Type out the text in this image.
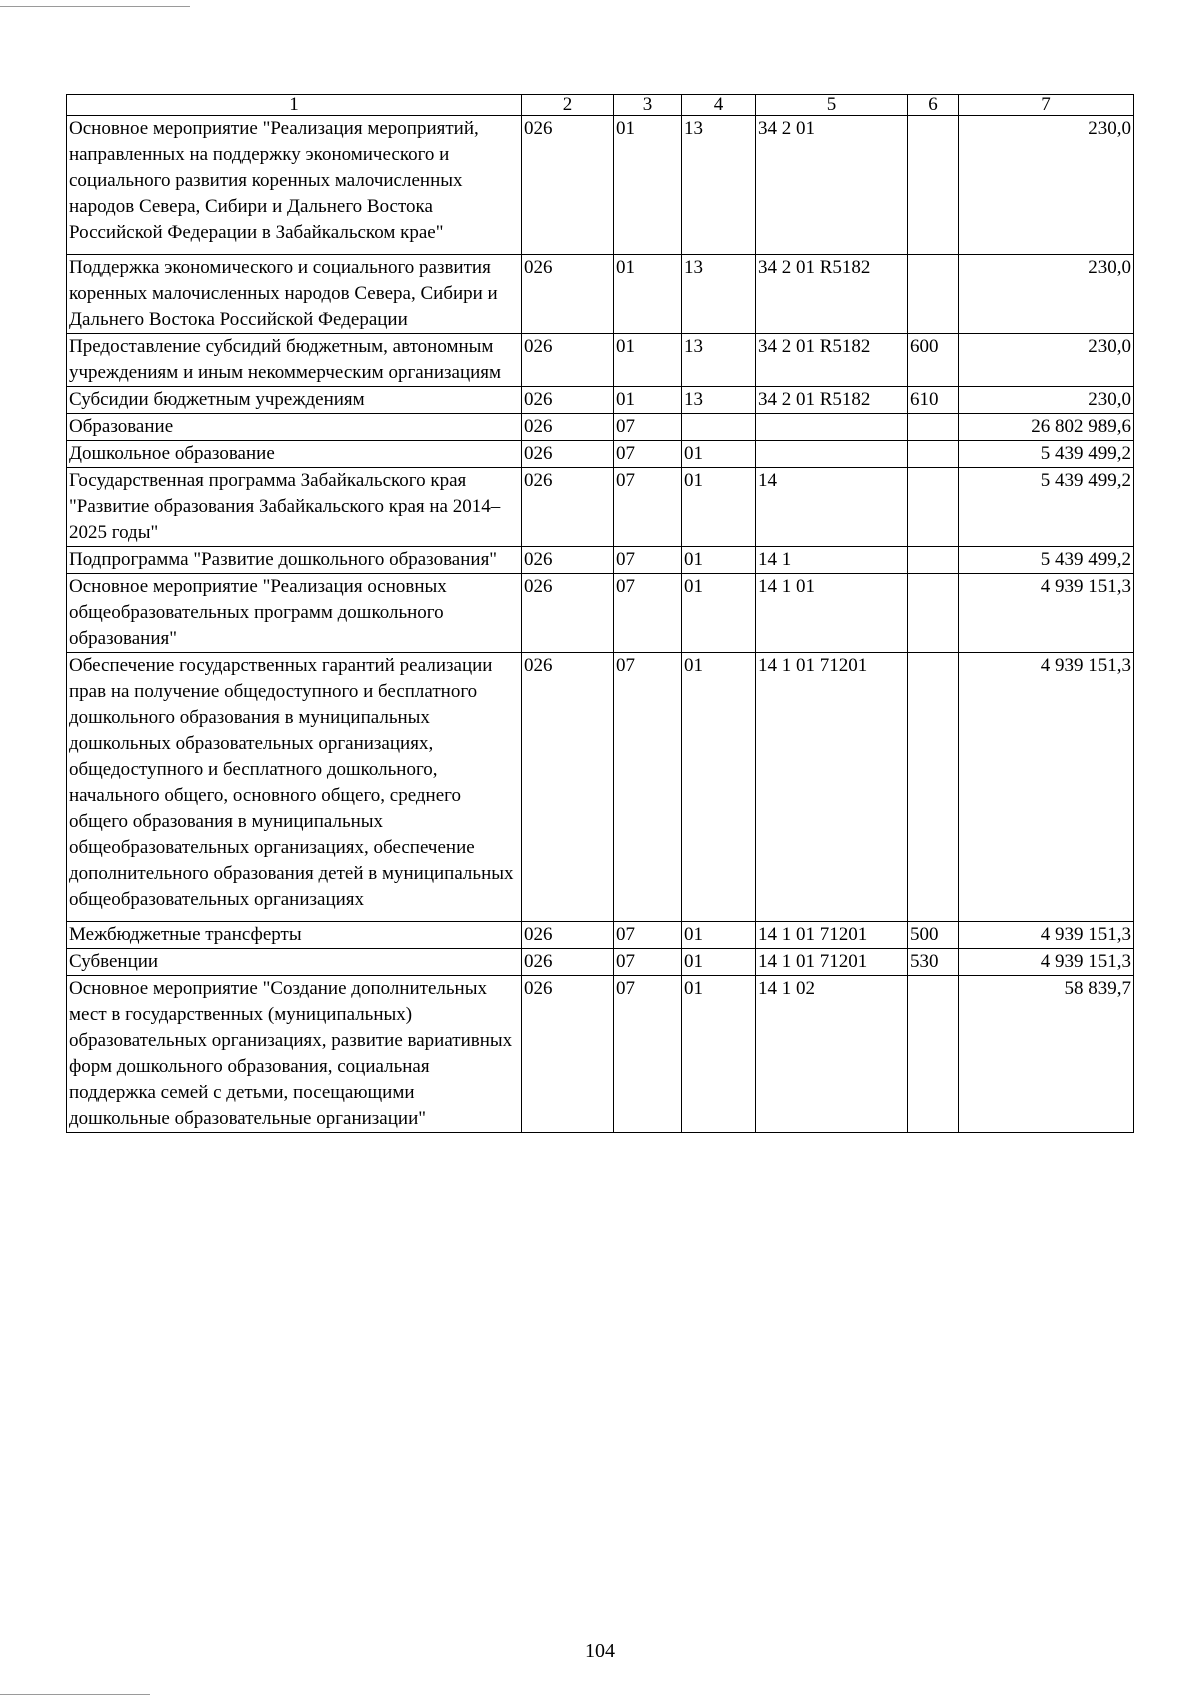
1	2	3	4	5	6	7
Основное мероприятие "Реализация мероприятий, направленных на поддержку экономического и социального развития коренных малочисленных народов Севера, Сибири и Дальнего Востока Российской Федерации в Забайкальском крае"	026	01	13	34 2 01		230,0
Поддержка экономического и социального развития коренных малочисленных народов Севера, Сибири и Дальнего Востока Российской Федерации	026	01	13	34 2 01 R5182		230,0
Предоставление субсидий бюджетным, автономным учреждениям и иным некоммерческим организациям	026	01	13	34 2 01 R5182	600	230,0
Субсидии бюджетным учреждениям	026	01	13	34 2 01 R5182	610	230,0
Образование	026	07				26 802 989,6
Дошкольное образование	026	07	01			5 439 499,2
Государственная программа Забайкальского края "Развитие образования Забайкальского края на 2014–2025 годы"	026	07	01	14		5 439 499,2
Подпрограмма "Развитие дошкольного образования"	026	07	01	14 1		5 439 499,2
Основное мероприятие "Реализация основных общеобразовательных программ дошкольного образования"	026	07	01	14 1 01		4 939 151,3
Обеспечение государственных гарантий реализации прав на получение общедоступного и бесплатного дошкольного образования в муниципальных дошкольных образовательных организациях, общедоступного и бесплатного дошкольного, начального общего, основного общего, среднего общего образования в муниципальных общеобразовательных организациях, обеспечение дополнительного образования детей в муниципальных общеобразовательных организациях	026	07	01	14 1 01 71201		4 939 151,3
Межбюджетные трансферты	026	07	01	14 1 01 71201	500	4 939 151,3
Субвенции	026	07	01	14 1 01 71201	530	4 939 151,3
Основное мероприятие "Создание дополнительных мест в государственных (муниципальных) образовательных организациях, развитие вариативных форм дошкольного образования, социальная поддержка семей с детьми, посещающими дошкольные образовательные организации"	026	07	01	14 1 02		58 839,7
104
